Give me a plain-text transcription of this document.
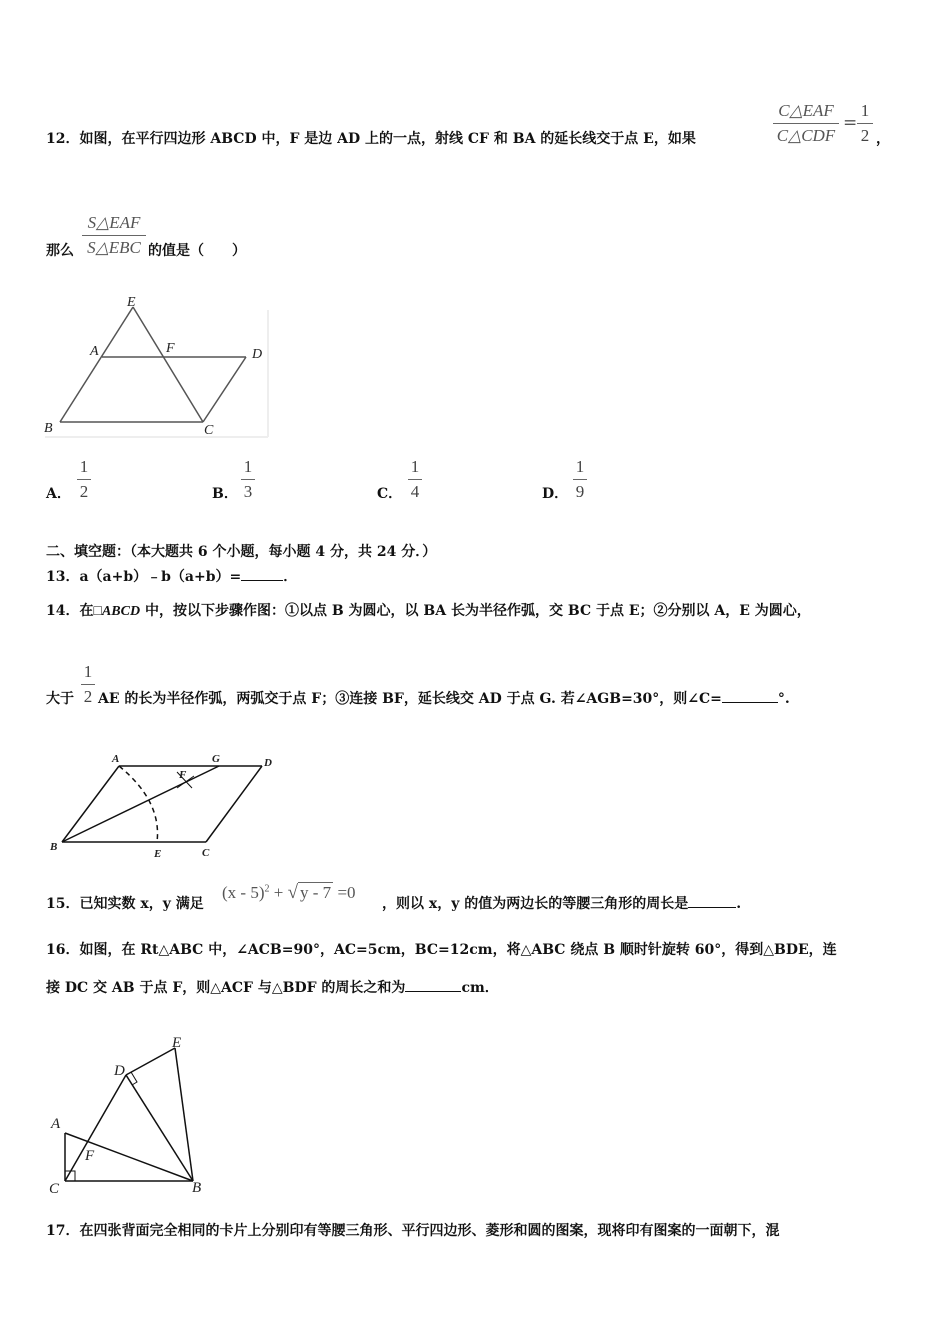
12．如图，在平行四边形 ABCD 中，F 是边 AD 上的一点，射线 CF 和 BA 的延长线交于点 E，如果
C△EAF
C△CDF
=
1
2 ，
那么
S△EAF
S△EBC 的值是（　　）
E
A	F	D
B	C
A．
1
2	B．
1
3	C．
1
4	D．
1
9
二、填空题：（本大题共 6 个小题，每小题 4 分，共 24 分．）
13．a（a+b）﹣b（a+b）=	．
14．在□ABCD 中，按以下步骤作图：①以点 B 为圆心，以 BA 长为半径作弧，交 BC 于点 E；②分别以 A，E 为圆心，
大于
1
2 AE 的长为半径作弧，两弧交于点 F；③连接 BF，延长线交 AD 于点 G. 若∠AGB=30°，则∠C=	°.
A	G	D
F
B
E	C
15．已知实数 x，y 满足
(x - 5)$^2$ + √ y - 7 =0
，则以 x，y 的值为两边长的等腰三角形的周长是	.
16．如图，在 Rt△ABC 中，∠ACB=90°，AC=5cm，BC=12cm，将△ABC 绕点 B 顺时针旋转 60°，得到△BDE，连
接 DC 交 AB 于点 F，则△ACF 与△BDF 的周长之和为	cm．
E
D
A
F
C	B
17．在四张背面完全相同的卡片上分别印有等腰三角形、平行四边形、菱形和圆的图案，现将印有图案的一面朝下，混
